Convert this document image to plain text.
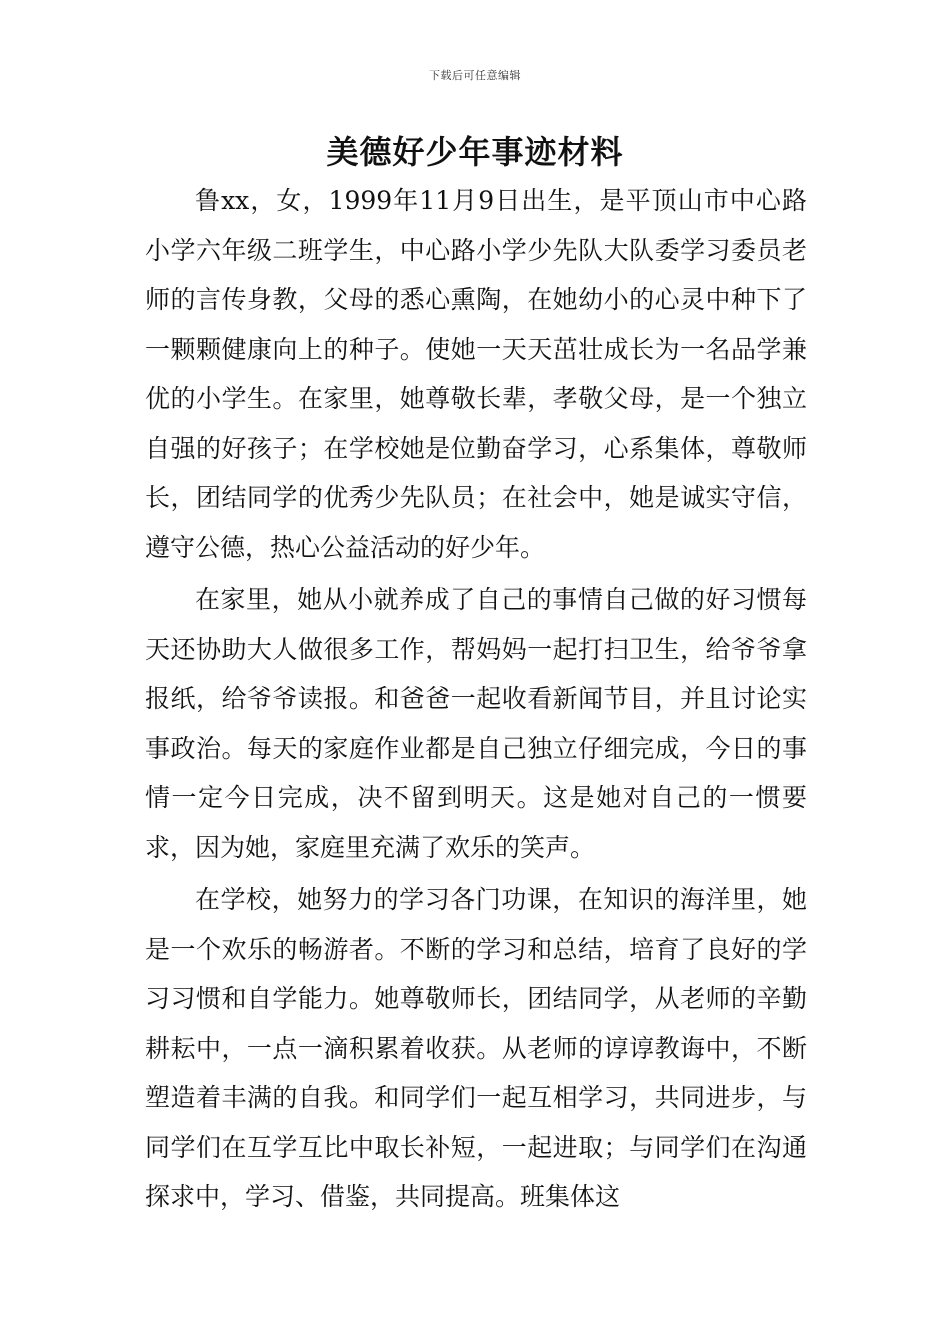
下载后可任意编辑
美德好少年事迹材料

鲁xx，女，1999年11月9日出生，是平顶山市中心路小学六年级二班学生，中心路小学少先队大队委学习委员老师的言传身教，父母的悉心熏陶，在她幼小的心灵中种下了一颗颗健康向上的种子。使她一天天茁壮成长为一名品学兼优的小学生。在家里，她尊敬长辈，孝敬父母，是一个独立自强的好孩子；在学校她是位勤奋学习，心系集体，尊敬师长，团结同学的优秀少先队员；在社会中，她是诚实守信，遵守公德，热心公益活动的好少年。

在家里，她从小就养成了自己的事情自己做的好习惯每天还协助大人做很多工作，帮妈妈一起打扫卫生，给爷爷拿报纸，给爷爷读报。和爸爸一起收看新闻节目，并且讨论实事政治。每天的家庭作业都是自己独立仔细完成，今日的事情一定今日完成，决不留到明天。这是她对自己的一惯要求，因为她，家庭里充满了欢乐的笑声。

在学校，她努力的学习各门功课，在知识的海洋里，她是一个欢乐的畅游者。不断的学习和总结，培育了良好的学习习惯和自学能力。她尊敬师长，团结同学，从老师的辛勤耕耘中，一点一滴积累着收获。从老师的谆谆教诲中，不断塑造着丰满的自我。和同学们一起互相学习，共同进步，与同学们在互学互比中取长补短，一起进取；与同学们在沟通探求中，学习、借鉴，共同提高。班集体这
